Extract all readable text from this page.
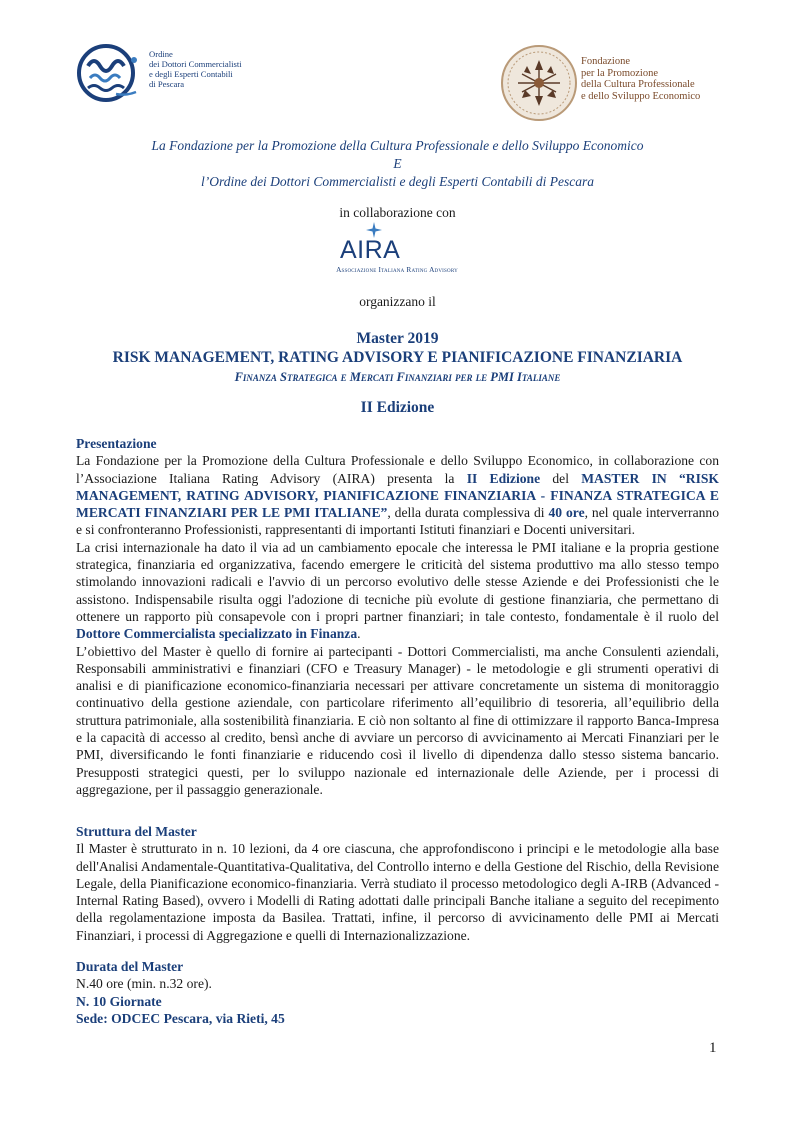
Ordine
dei Dottori Commercialisti
e degli Esperti Contabili
di Pescara
Fondazione
per la Promozione
della Cultura Professionale
e dello Sviluppo Economico
La Fondazione per la Promozione della Cultura Professionale e dello Sviluppo Economico
E
l’Ordine dei Dottori Commercialisti e degli Esperti Contabili di Pescara
in collaborazione con
AIRA
Associazione Italiana Rating Advisory
organizzano il
Master 2019
RISK MANAGEMENT, RATING ADVISORY E PIANIFICAZIONE FINANZIARIA
Finanza Strategica e Mercati Finanziari per le PMI Italiane
II Edizione

Presentazione

La Fondazione per la Promozione della Cultura Professionale e dello Sviluppo Economico, in collaborazione con l’Associazione Italiana Rating Advisory (AIRA) presenta la II Edizione del MASTER IN “RISK MANAGEMENT, RATING ADVISORY, PIANIFICAZIONE FINANZIARIA - FINANZA STRATEGICA E MERCATI FINANZIARI PER LE PMI ITALIANE”, della durata complessiva di 40 ore, nel quale interverranno e si confronteranno Professionisti, rappresentanti di importanti Istituti finanziari e Docenti universitari.

La crisi internazionale ha dato il via ad un cambiamento epocale che interessa le PMI italiane e la propria gestione strategica, finanziaria ed organizzativa, facendo emergere le criticità del sistema produttivo ma allo stesso tempo stimolando innovazioni radicali e l'avvio di un percorso evolutivo delle stesse Aziende e dei Professionisti che le assistono. Indispensabile risulta oggi l'adozione di tecniche più evolute di gestione finanziaria, che permettano di ottenere un rapporto più consapevole con i propri partner finanziari; in tale contesto, fondamentale è il ruolo del Dottore Commercialista specializzato in Finanza.

L’obiettivo del Master è quello di fornire ai partecipanti - Dottori Commercialisti, ma anche Consulenti aziendali, Responsabili amministrativi e finanziari (CFO e Treasury Manager) - le metodologie e gli strumenti operativi di analisi e di pianificazione economico-finanziaria necessari per attivare concretamente un sistema di monitoraggio continuativo della gestione aziendale, con particolare riferimento all’equilibrio di tesoreria, all’equilibrio della struttura patrimoniale, alla sostenibilità finanziaria. E ciò non soltanto al fine di ottimizzare il rapporto Banca-Impresa e la capacità di accesso al credito, bensì anche di avviare un percorso di avvicinamento ai Mercati Finanziari per le PMI, diversificando le fonti finanziarie e riducendo così il livello di dipendenza dallo stesso sistema bancario. Presupposti strategici questi, per lo sviluppo nazionale ed internazionale delle Aziende, per i processi di aggregazione, per il passaggio generazionale.

Struttura del Master

Il Master è strutturato in n. 10 lezioni, da 4 ore ciascuna, che approfondiscono i principi e le metodologie alla base dell'Analisi Andamentale-Quantitativa-Qualitativa, del Controllo interno e della Gestione del Rischio, della Revisione Legale, della Pianificazione economico-finanziaria. Verrà studiato il processo metodologico degli A-IRB (Advanced - Internal Rating Based), ovvero i Modelli di Rating adottati dalle principali Banche italiane a seguito del recepimento della regolamentazione imposta da Basilea. Trattati, infine, il percorso di avvicinamento delle PMI ai Mercati Finanziari, i processi di Aggregazione e quelli di Internazionalizzazione.

Durata del Master

N.40 ore (min. n.32 ore).

N. 10 Giornate

Sede: ODCEC Pescara, via Rieti, 45

1
